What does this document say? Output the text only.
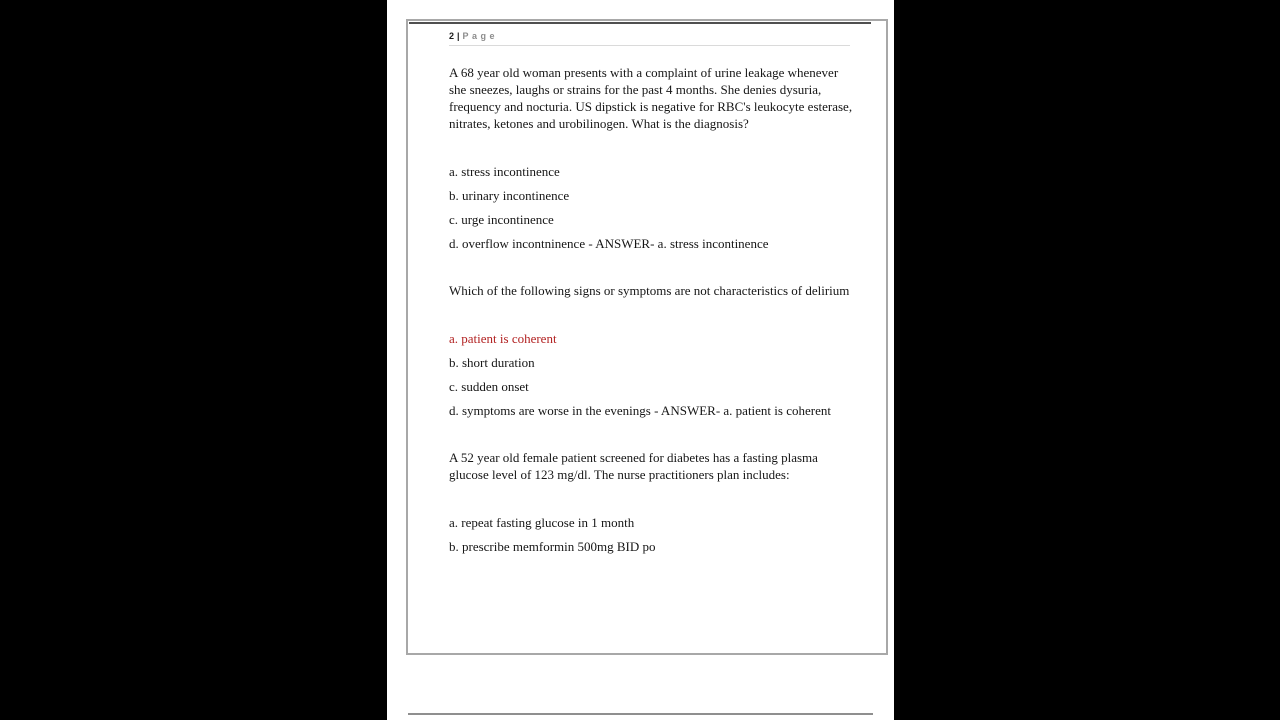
2 | Page

A 68 year old woman presents with a complaint of urine leakage whenever she sneezes, laughs or strains for the past 4 months. She denies dysuria, frequency and nocturia. US dipstick is negative for RBC's leukocyte esterase, nitrates, ketones and urobilinogen. What is the diagnosis?

a. stress incontinence

b. urinary incontinence

c. urge incontinence

d. overflow incontninence - ANSWER- a. stress incontinence

Which of the following signs or symptoms are not characteristics of delirium

a. patient is coherent

b. short duration

c. sudden onset

d. symptoms are worse in the evenings - ANSWER- a. patient is coherent

A 52 year old female patient screened for diabetes has a fasting plasma glucose level of 123 mg/dl. The nurse practitioners plan includes:

a. repeat fasting glucose in 1 month

b. prescribe memformin 500mg BID po
